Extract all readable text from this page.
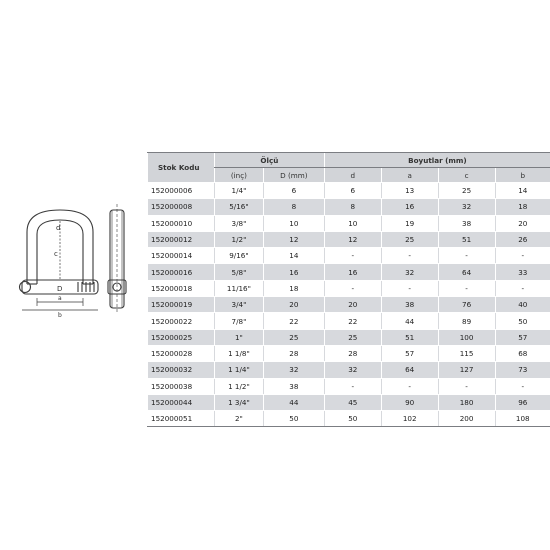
d
c
D
a
b
Stok Kodu	Ölçü		Boyutlar (mm)			
	(inç)	D (mm)	d	a	c	b
152000006	1/4"	6	6	13	25	14
152000008	5/16"	8	8	16	32	18
152000010	3/8"	10	10	19	38	20
152000012	1/2"	12	12	25	51	26
152000014	9/16"	14	-	-	-	-
152000016	5/8"	16	16	32	64	33
152000018	11/16"	18	-	-	-	-
152000019	3/4"	20	20	38	76	40
152000022	7/8"	22	22	44	89	50
152000025	1"	25	25	51	100	57
152000028	1 1/8"	28	28	57	115	68
152000032	1 1/4"	32	32	64	127	73
152000038	1 1/2"	38	-	-	-	-
152000044	1 3/4"	44	45	90	180	96
152000051	2"	50	50	102	200	108
